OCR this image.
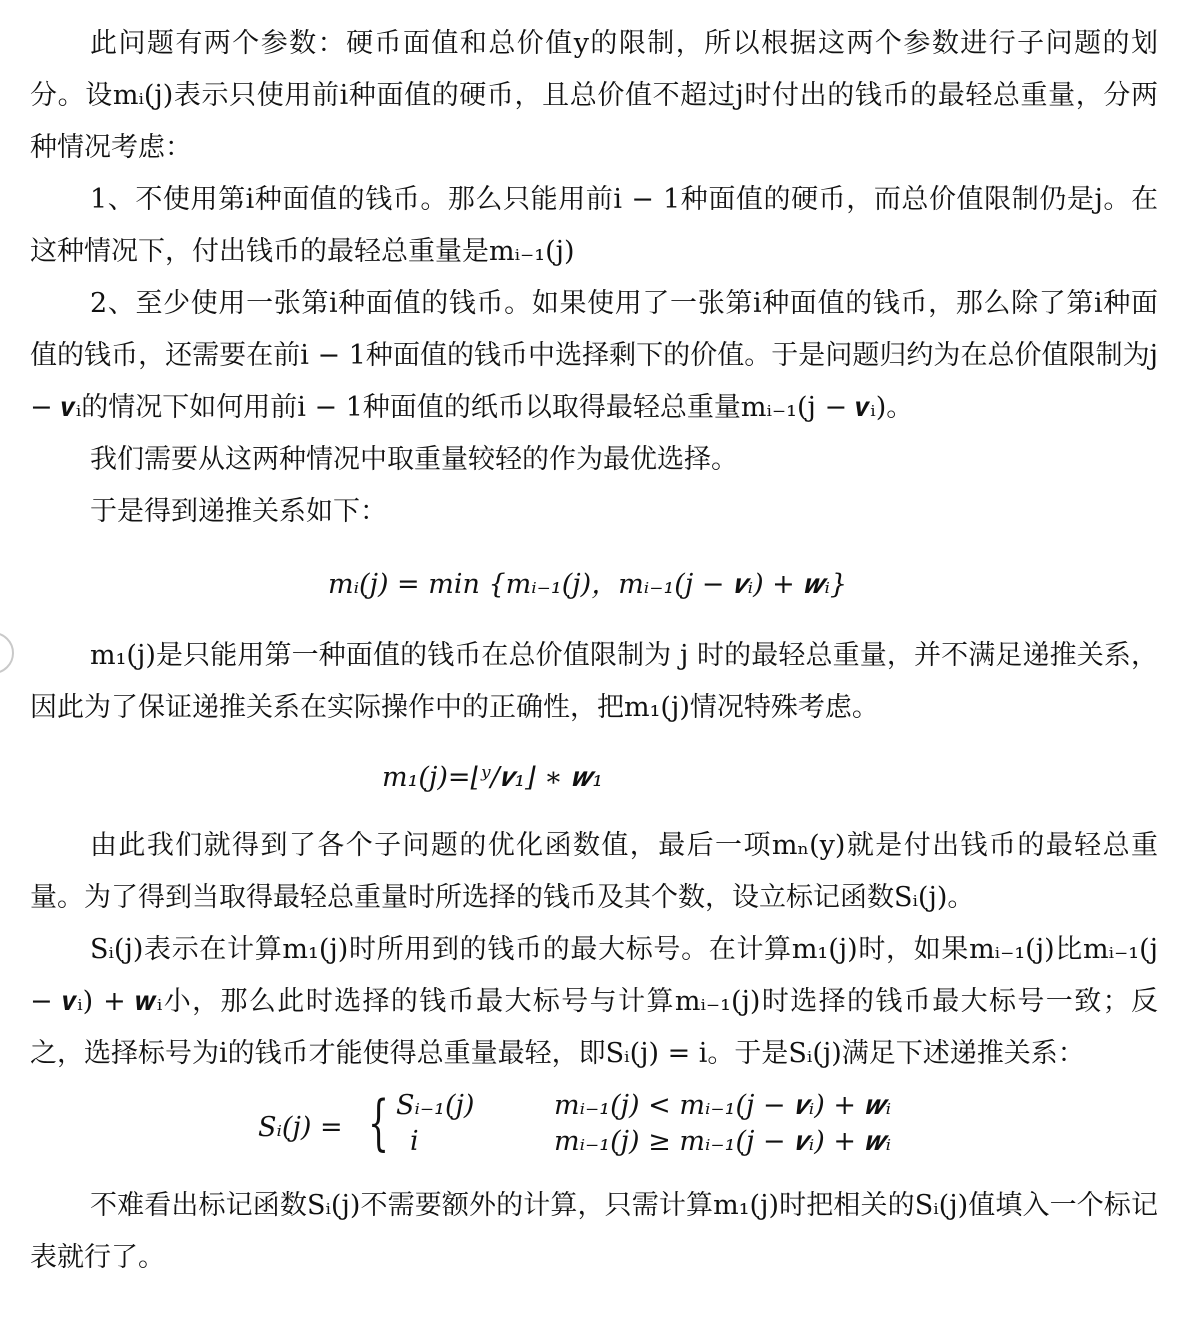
此问题有两个参数：硬币面值和总价值y的限制，所以根据这两个参数进行子问题的划分。设mᵢ(j)表示只使用前i种面值的硬币，且总价值不超过j时付出的钱币的最轻总重量，分两种情况考虑：

1、不使用第i种面值的钱币。那么只能用前i − 1种面值的硬币，而总价值限制仍是j。在这种情况下，付出钱币的最轻总重量是mᵢ₋₁(j)

2、至少使用一张第i种面值的钱币。如果使用了一张第i种面值的钱币，那么除了第i种面值的钱币，还需要在前i − 1种面值的钱币中选择剩下的价值。于是问题归约为在总价值限制为j − 𝒗ᵢ的情况下如何用前i − 1种面值的纸币以取得最轻总重量mᵢ₋₁(j − 𝒗ᵢ)。

我们需要从这两种情况中取重量较轻的作为最优选择。

于是得到递推关系如下：

mᵢ(j) = min {mᵢ₋₁(j)，mᵢ₋₁(j − 𝒗ᵢ) + 𝒘ᵢ}

m₁(j)是只能用第一种面值的钱币在总价值限制为 j 时的最轻总重量，并不满足递推关系，因此为了保证递推关系在实际操作中的正确性，把m₁(j)情况特殊考虑。

m₁(j)=⌊ʸ/𝒗₁⌋ ∗ 𝒘₁

由此我们就得到了各个子问题的优化函数值，最后一项mₙ(y)就是付出钱币的最轻总重量。为了得到当取得最轻总重量时所选择的钱币及其个数，设立标记函数Sᵢ(j)。

Sᵢ(j)表示在计算m₁(j)时所用到的钱币的最大标号。在计算m₁(j)时，如果mᵢ₋₁(j)比mᵢ₋₁(j − 𝒗ᵢ) + 𝒘ᵢ小，那么此时选择的钱币最大标号与计算mᵢ₋₁(j)时选择的钱币最大标号一致；反之，选择标号为i的钱币才能使得总重量最轻，即Sᵢ(j) = i。于是Sᵢ(j)满足下述递推关系：

Sᵢ(j) = { Sᵢ₋₁(j)
i
mᵢ₋₁(j) < mᵢ₋₁(j − 𝒗ᵢ) + 𝒘ᵢ
mᵢ₋₁(j) ≥ mᵢ₋₁(j − 𝒗ᵢ) + 𝒘ᵢ

不难看出标记函数Sᵢ(j)不需要额外的计算，只需计算m₁(j)时把相关的Sᵢ(j)值填入一个标记表就行了。
